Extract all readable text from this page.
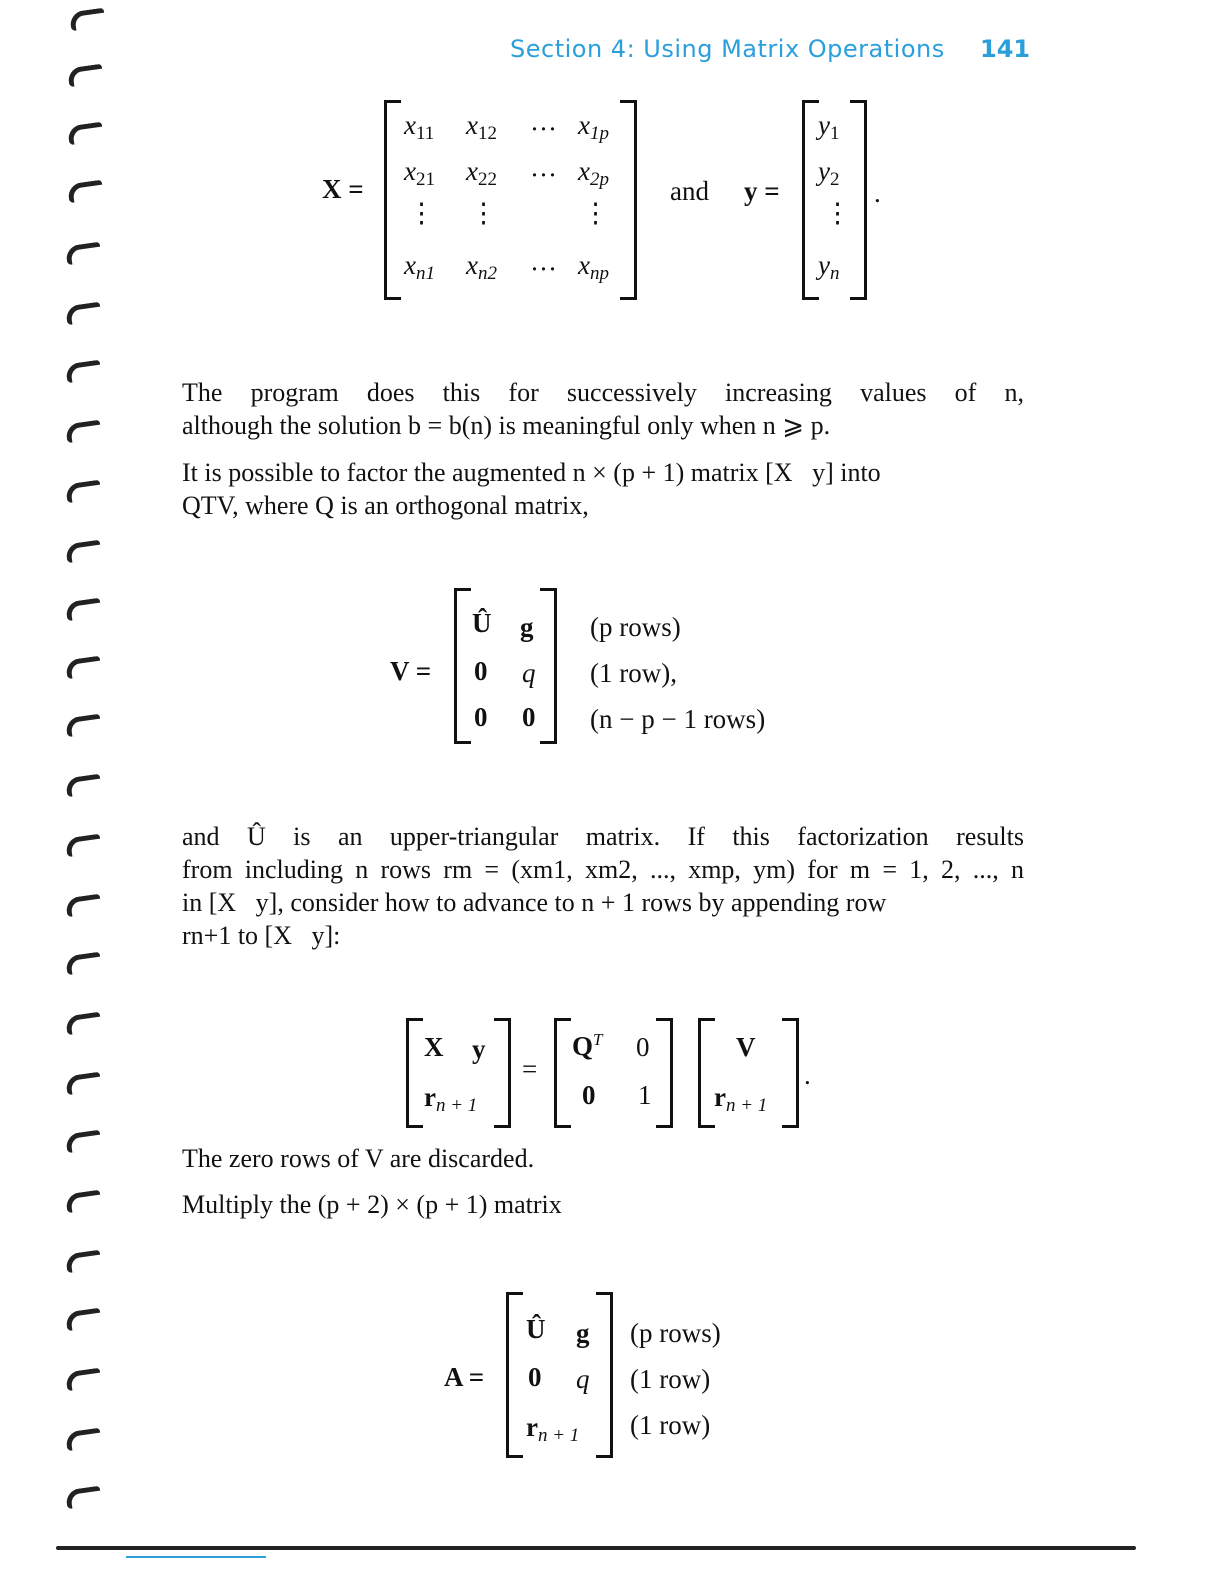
Section 4: Using Matrix Operations 141
X =
$x_{11}$ $x_{12}$ ··· $x_{1p}$
$x_{21}$ $x_{22}$ ··· $x_{2p}$
⋮ ⋮	⋮
$x_{n1}$ $x_{n2}$ ··· $x_{np}$
and y =
$y_1$
$y_2$
⋮
$y_n$
.
The program does this for successively increasing values of n,
although the solution b = b(n) is meaningful only when n ⩾ p.
It is possible to factor the augmented n × (p + 1) matrix [X   y] into
QTV, where Q is an orthogonal matrix,
V =
Û g
0 q
0 0
(p rows)
(1 row),
(n − p − 1 rows)
and Û is an upper-triangular matrix. If this factorization results
from including n rows rm = (xm1, xm2, ..., xmp, ym) for m = 1, 2, ..., n
in [X   y], consider how to advance to n + 1 rows by appending row
rn+1 to [X   y]:
X y
$r_{n + 1}$
=
$Q^T$ 0
0 1
V
$r_{n + 1}$
.
The zero rows of V are discarded.
Multiply the (p + 2) × (p + 1) matrix
A =
Û g
0 q
$r_{n + 1}$
(p rows)
(1 row)
(1 row)
